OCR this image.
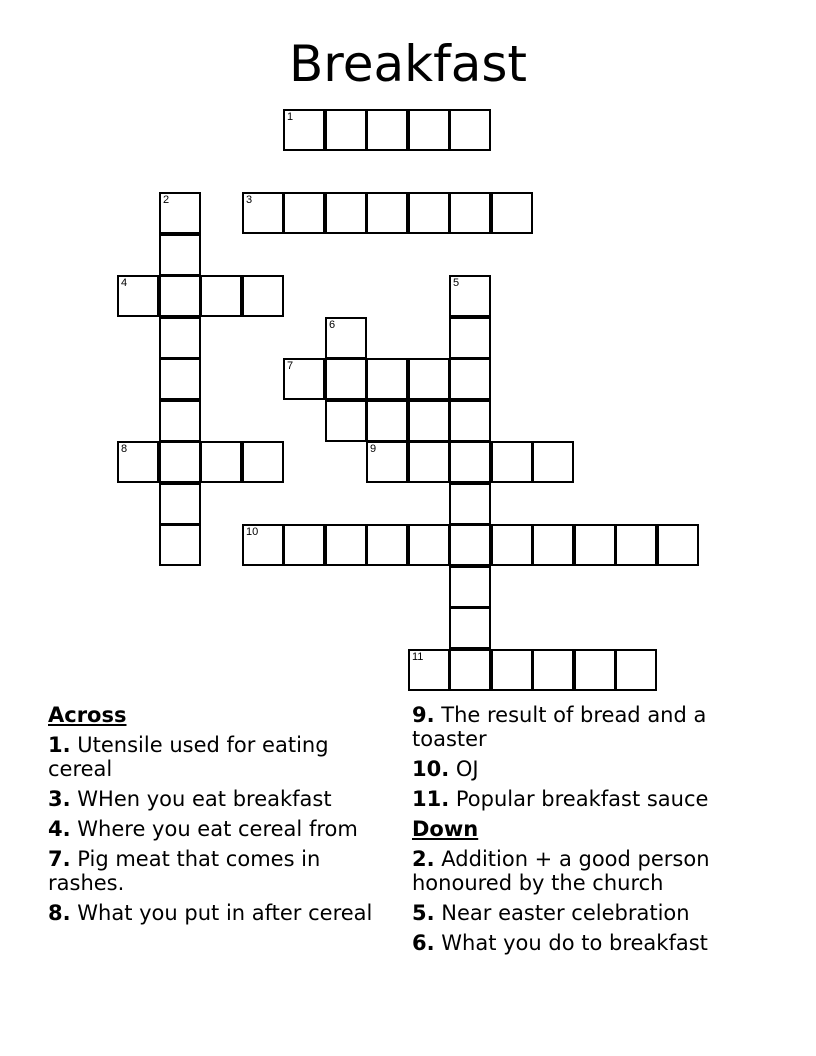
Breakfast
1
2	3
4	5
6
7
8	9
10
11
Across
1. Utensile used for eating cereal
3. WHen you eat breakfast
4. Where you eat cereal from
7. Pig meat that comes in rashes.
8. What you put in after cereal
9. The result of bread and a toaster
10. OJ
11. Popular breakfast sauce
Down
2. Addition + a good person honoured by the church
5. Near easter celebration
6. What you do to breakfast
